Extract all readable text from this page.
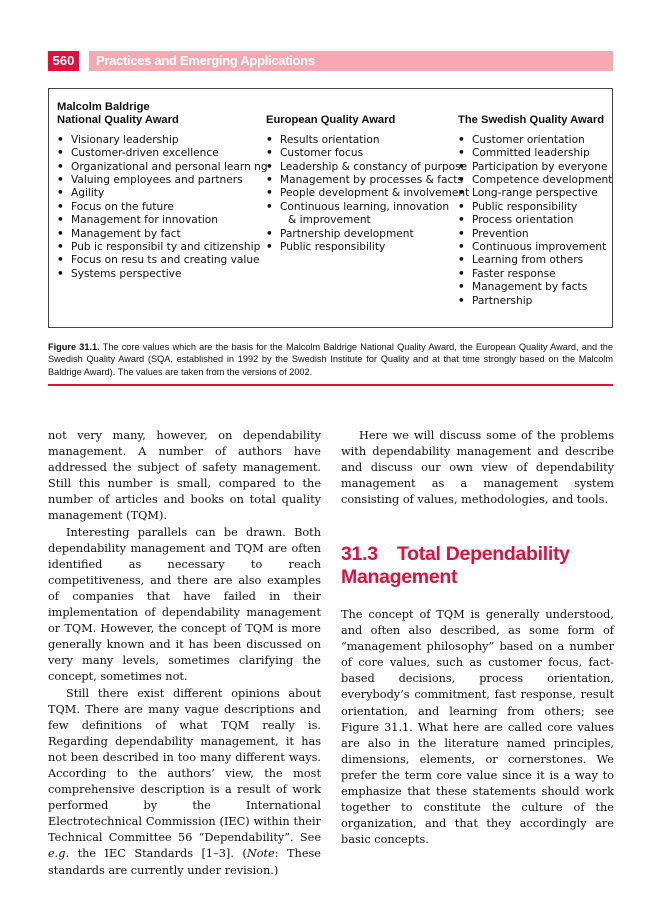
560	Practices and Emerging Applications
Malcolm Baldrige
National Quality Award
• Visionary leadership
• Customer-driven excellence
• Organizational and personal learn ng
• Valuing employees and partners
• Agility
• Focus on the future
• Management for innovation
• Management by fact
• Pub ic responsibil ty and citizenship
• Focus on resu ts and creating value
• Systems perspective
European Quality Award
• Results orientation
• Customer focus
• Leadership & constancy of purpose
• Management by processes & facts
• People development & involvement
• Continuous learning, innovation
& improvement
• Partnership development
• Public responsibility
The Swedish Quality Award
• Customer orientation
• Committed leadership
• Participation by everyone
• Competence development
• Long-range perspective
• Public responsibility
• Process orientation
• Prevention
• Continuous improvement
• Learning from others
• Faster response
• Management by facts
• Partnership
Figure 31.1. The core values which are the basis for the Malcolm Baldrige National Quality Award, the European Quality Award, and the Swedish Quality Award (SQA, established in 1992 by the Swedish Institute for Quality and at that time strongly based on the Malcolm Baldrige Award). The values are taken from the versions of 2002.

not very many, however, on dependability management. A number of authors have addressed the subject of safety management. Still this number is small, compared to the number of articles and books on total quality management (TQM).

Interesting parallels can be drawn. Both dependability management and TQM are often identified as necessary to reach competitiveness, and there are also examples of companies that have failed in their implementation of dependability management or TQM. However, the concept of TQM is more generally known and it has been discussed on very many levels, sometimes clarifying the concept, sometimes not.

Still there exist different opinions about TQM. There are many vague descriptions and few definitions of what TQM really is. Regarding dependability management, it has not been described in too many different ways. According to the authors’ view, the most comprehensive description is a result of work performed by the International Electrotechnical Commission (IEC) within their Technical Committee 56 “Dependability”. See e.g. the IEC Standards [1–3]. (Note: These standards are currently under revision.)

Here we will discuss some of the problems with dependability management and describe and discuss our own view of dependability management as a management system consisting of values, methodologies, and tools.

31.3 Total Dependability Management

The concept of TQM is generally understood, and often also described, as some form of “management philosophy” based on a number of core values, such as customer focus, fact-based decisions, process orientation, everybody’s commitment, fast response, result orientation, and learning from others; see Figure 31.1. What here are called core values are also in the literature named principles, dimensions, elements, or cornerstones. We prefer the term core value since it is a way to emphasize that these statements should work together to constitute the culture of the organization, and that they accordingly are basic concepts.
